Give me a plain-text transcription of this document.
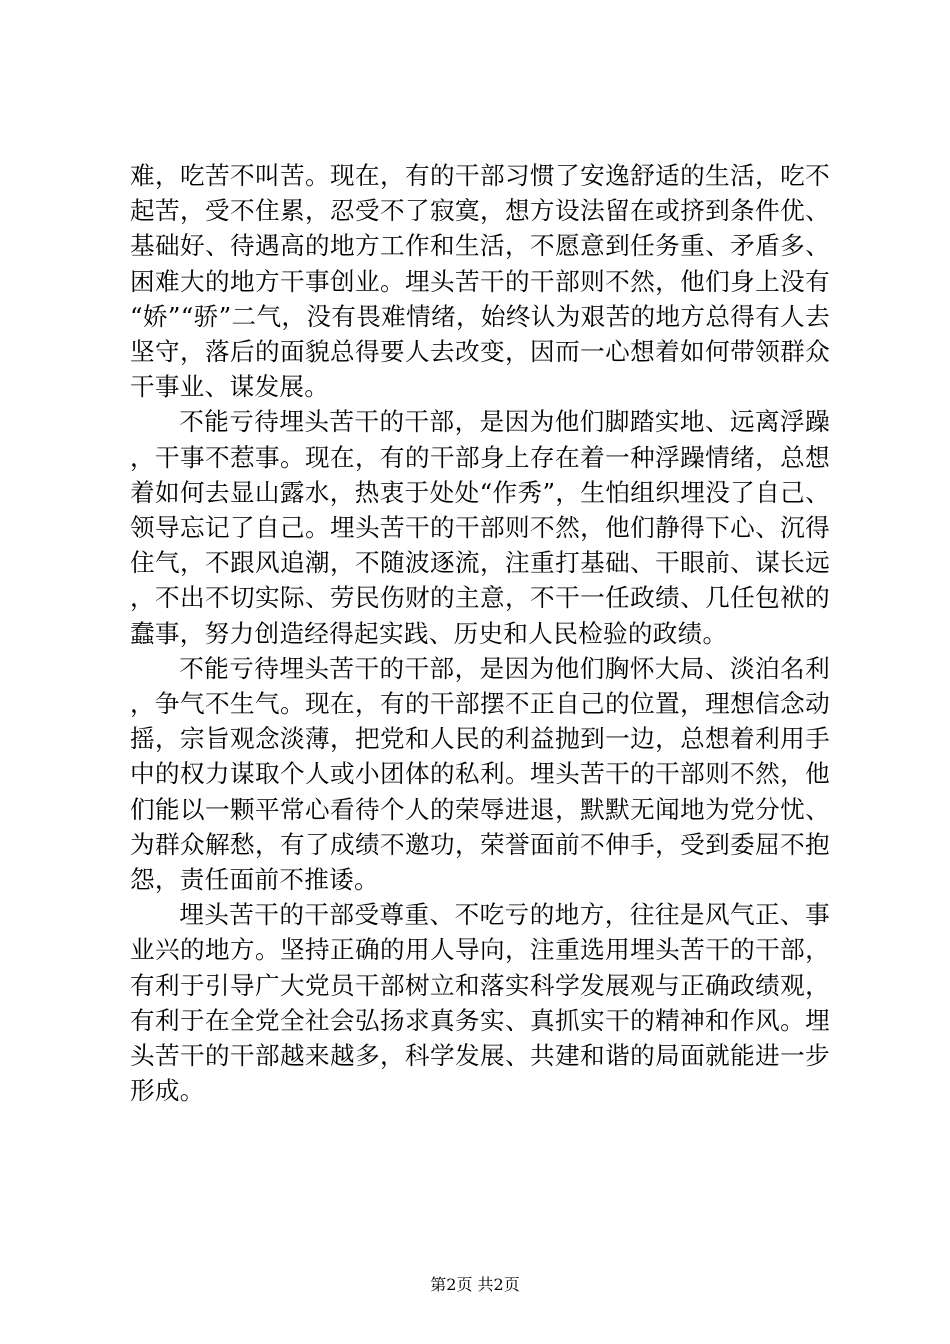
难，吃苦不叫苦。现在，有的干部习惯了安逸舒适的生活，吃不起苦，受不住累，忍受不了寂寞，想方设法留在或挤到条件优、基础好、待遇高的地方工作和生活，不愿意到任务重、矛盾多、困难大的地方干事创业。埋头苦干的干部则不然，他们身上没有“娇”“骄”二气，没有畏难情绪，始终认为艰苦的地方总得有人去坚守，落后的面貌总得要人去改变，因而一心想着如何带领群众干事业、谋发展。

不能亏待埋头苦干的干部，是因为他们脚踏实地、远离浮躁，干事不惹事。现在，有的干部身上存在着一种浮躁情绪，总想着如何去显山露水，热衷于处处“作秀”，生怕组织埋没了自己、领导忘记了自己。埋头苦干的干部则不然，他们静得下心、沉得住气，不跟风追潮，不随波逐流，注重打基础、干眼前、谋长远，不出不切实际、劳民伤财的主意，不干一任政绩、几任包袱的蠢事，努力创造经得起实践、历史和人民检验的政绩。

不能亏待埋头苦干的干部，是因为他们胸怀大局、淡泊名利，争气不生气。现在，有的干部摆不正自己的位置，理想信念动摇，宗旨观念淡薄，把党和人民的利益抛到一边，总想着利用手中的权力谋取个人或小团体的私利。埋头苦干的干部则不然，他们能以一颗平常心看待个人的荣辱进退，默默无闻地为党分忧、为群众解愁，有了成绩不邀功，荣誉面前不伸手，受到委屈不抱怨，责任面前不推诿。

埋头苦干的干部受尊重、不吃亏的地方，往往是风气正、事业兴的地方。坚持正确的用人导向，注重选用埋头苦干的干部，有利于引导广大党员干部树立和落实科学发展观与正确政绩观，有利于在全党全社会弘扬求真务实、真抓实干的精神和作风。埋头苦干的干部越来越多，科学发展、共建和谐的局面就能进一步形成。

第2页 共2页
